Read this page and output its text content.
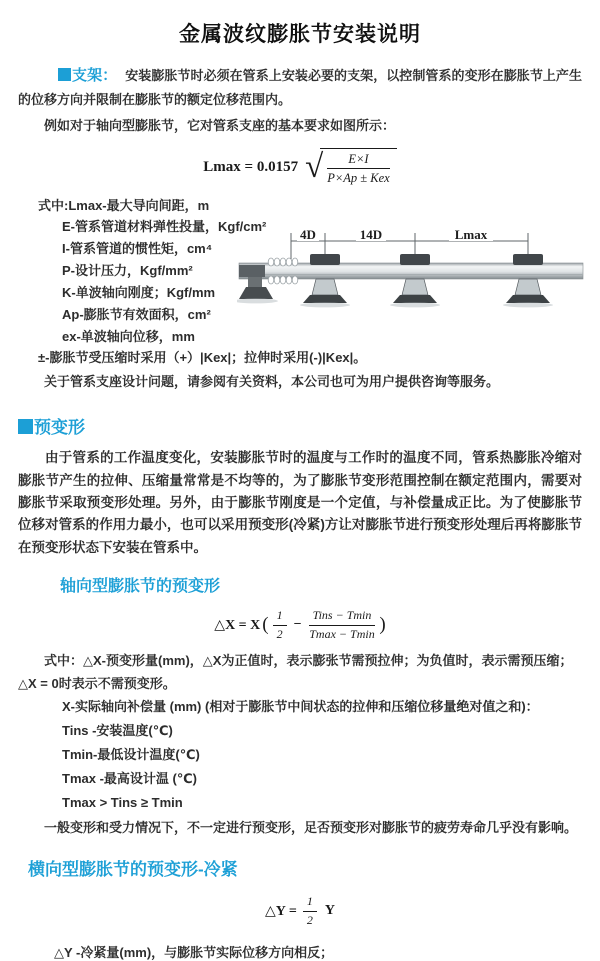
金属波纹膨胀节安装说明

支架： 安装膨胀节时必须在管系上安装必要的支架，以控制管系的变形在膨胀节上产生的位移方向并限制在膨胀节的额定位移范围内。

例如对于轴向型膨胀节，它对管系支座的基本要求如图所示：

Lmax = 0.0157 √ $\frac{E\times I}{\text{P×Ap ± Kex}}$
式中:Lmax-最大导向间距，m
E-管系管道材料弹性投量，Kgf/cm²
I-管系管道的惯性矩，cm⁴
P-设计压力，Kgf/mm²
K-单波轴向刚度；Kgf/mm
Ap-膨胀节有效面积，cm²
ex-单波轴向位移，mm
±-膨胀节受压缩时采用（+）|Kex|；拉伸时采用(-)|Kex|。
4D	14D	Lmax

关于管系支座设计问题，请参阅有关资料，本公司也可为用户提供咨询等服务。

预变形

由于管系的工作温度变化，安装膨胀节时的温度与工作时的温度不同，管系热膨胀冷缩对膨胀节产生的拉伸、压缩量常常是不均等的，为了膨胀节变形范围控制在额定范围内，需要对膨胀节采取预变形处理。另外，由于膨胀节刚度是一个定值，与补偿量成正比。为了使膨胀节位移对管系的作用力最小，也可以采用预变形(冷紧)方让对膨胀节进行预变形处理后再将膨胀节在预变形状态下安装在管系中。

轴向型膨胀节的预变形
△X = X ( $\frac{1}{2} - \frac{\text{Tins − Tmin}}{Tmax - Tmin}$ )

式中：△X-预变形量(mm)，△X为正值时，表示膨张节需预拉伸；为负值时，表示需预压缩；△X = 0时表示不需预变形。

X-实际轴向补偿量 (mm) (相对于膨胀节中间状态的拉伸和压缩位移量绝对值之和)：
Tins -安装温度(℃)
Tmin-最低设计温度(℃)
Tmax -最高设计温 (℃)
Tmax > Tins ≥ Tmin

一般变形和受力情况下，不一定进行预变形，足否预变形对膨胀节的疲劳寿命几乎没有影响。

横向型膨胀节的预变形-冷紧
△Y = $\frac{1}{2}$ Y

△Y -冷紧量(mm)，与膨胀节实际位移方向相反；
